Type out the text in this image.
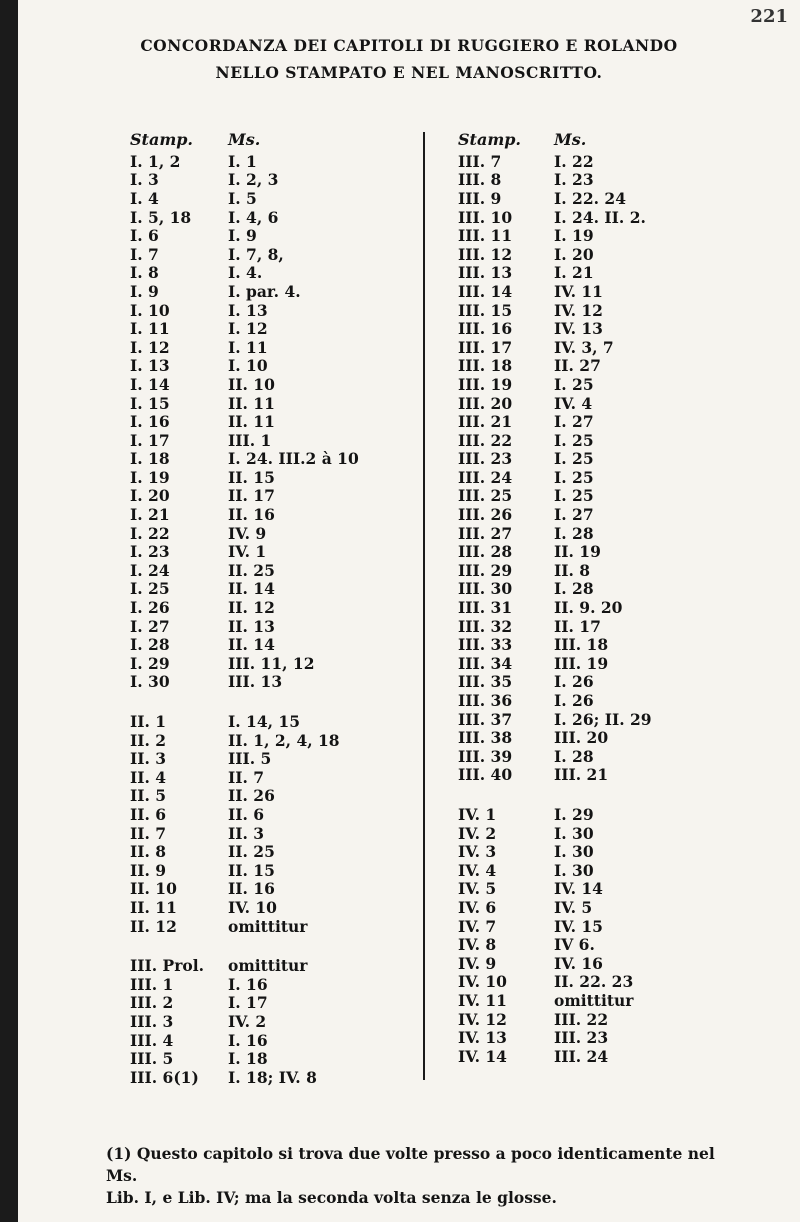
221
CONCORDANZA DEI CAPITOLI DI RUGGIERO E ROLANDO
NELLO STAMPATO E NEL MANOSCRITTO.
Stamp.	Ms.
I. 1, 2	I. 1
I. 3	I. 2, 3
I. 4	I. 5
I. 5, 18	I. 4, 6
I. 6	I. 9
I. 7	I. 7, 8,
I. 8	I. 4.
I. 9	I. par. 4.
I. 10	I. 13
I. 11	I. 12
I. 12	I. 11
I. 13	I. 10
I. 14	II. 10
I. 15	II. 11
I. 16	II. 11
I. 17	III. 1
I. 18	I. 24. III.2 à 10
I. 19	II. 15
I. 20	II. 17
I. 21	II. 16
I. 22	IV. 9
I. 23	IV. 1
I. 24	II. 25
I. 25	II. 14
I. 26	II. 12
I. 27	II. 13
I. 28	II. 14
I. 29	III. 11, 12
I. 30	III. 13
II. 1	I. 14, 15
II. 2	II. 1, 2, 4, 18
II. 3	III. 5
II. 4	II. 7
II. 5	II. 26
II. 6	II. 6
II. 7	II. 3
II. 8	II. 25
II. 9	II. 15
II. 10	II. 16
II. 11	IV. 10
II. 12	omittitur
III. Prol.	omittitur
III. 1	I. 16
III. 2	I. 17
III. 3	IV. 2
III. 4	I. 16
III. 5	I. 18
III. 6(1)	I. 18; IV. 8
Stamp.	Ms.
III. 7	I. 22
III. 8	I. 23
III. 9	I. 22. 24
III. 10	I. 24. II. 2.
III. 11	I. 19
III. 12	I. 20
III. 13	I. 21
III. 14	IV. 11
III. 15	IV. 12
III. 16	IV. 13
III. 17	IV. 3, 7
III. 18	II. 27
III. 19	I. 25
III. 20	IV. 4
III. 21	I. 27
III. 22	I. 25
III. 23	I. 25
III. 24	I. 25
III. 25	I. 25
III. 26	I. 27
III. 27	I. 28
III. 28	II. 19
III. 29	II. 8
III. 30	I. 28
III. 31	II. 9. 20
III. 32	II. 17
III. 33	III. 18
III. 34	III. 19
III. 35	I. 26
III. 36	I. 26
III. 37	I. 26; II. 29
III. 38	III. 20
III. 39	I. 28
III. 40	III. 21
IV. 1	I. 29
IV. 2	I. 30
IV. 3	I. 30
IV. 4	I. 30
IV. 5	IV. 14
IV. 6	IV. 5
IV. 7	IV. 15
IV. 8	IV 6.
IV. 9	IV. 16
IV. 10	II. 22. 23
IV. 11	omittitur
IV. 12	III. 22
IV. 13	III. 23
IV. 14	III. 24
(1) Questo capitolo si trova due volte presso a poco identicamente nel Ms.
Lib. I, e Lib. IV; ma la seconda volta senza le glosse.
